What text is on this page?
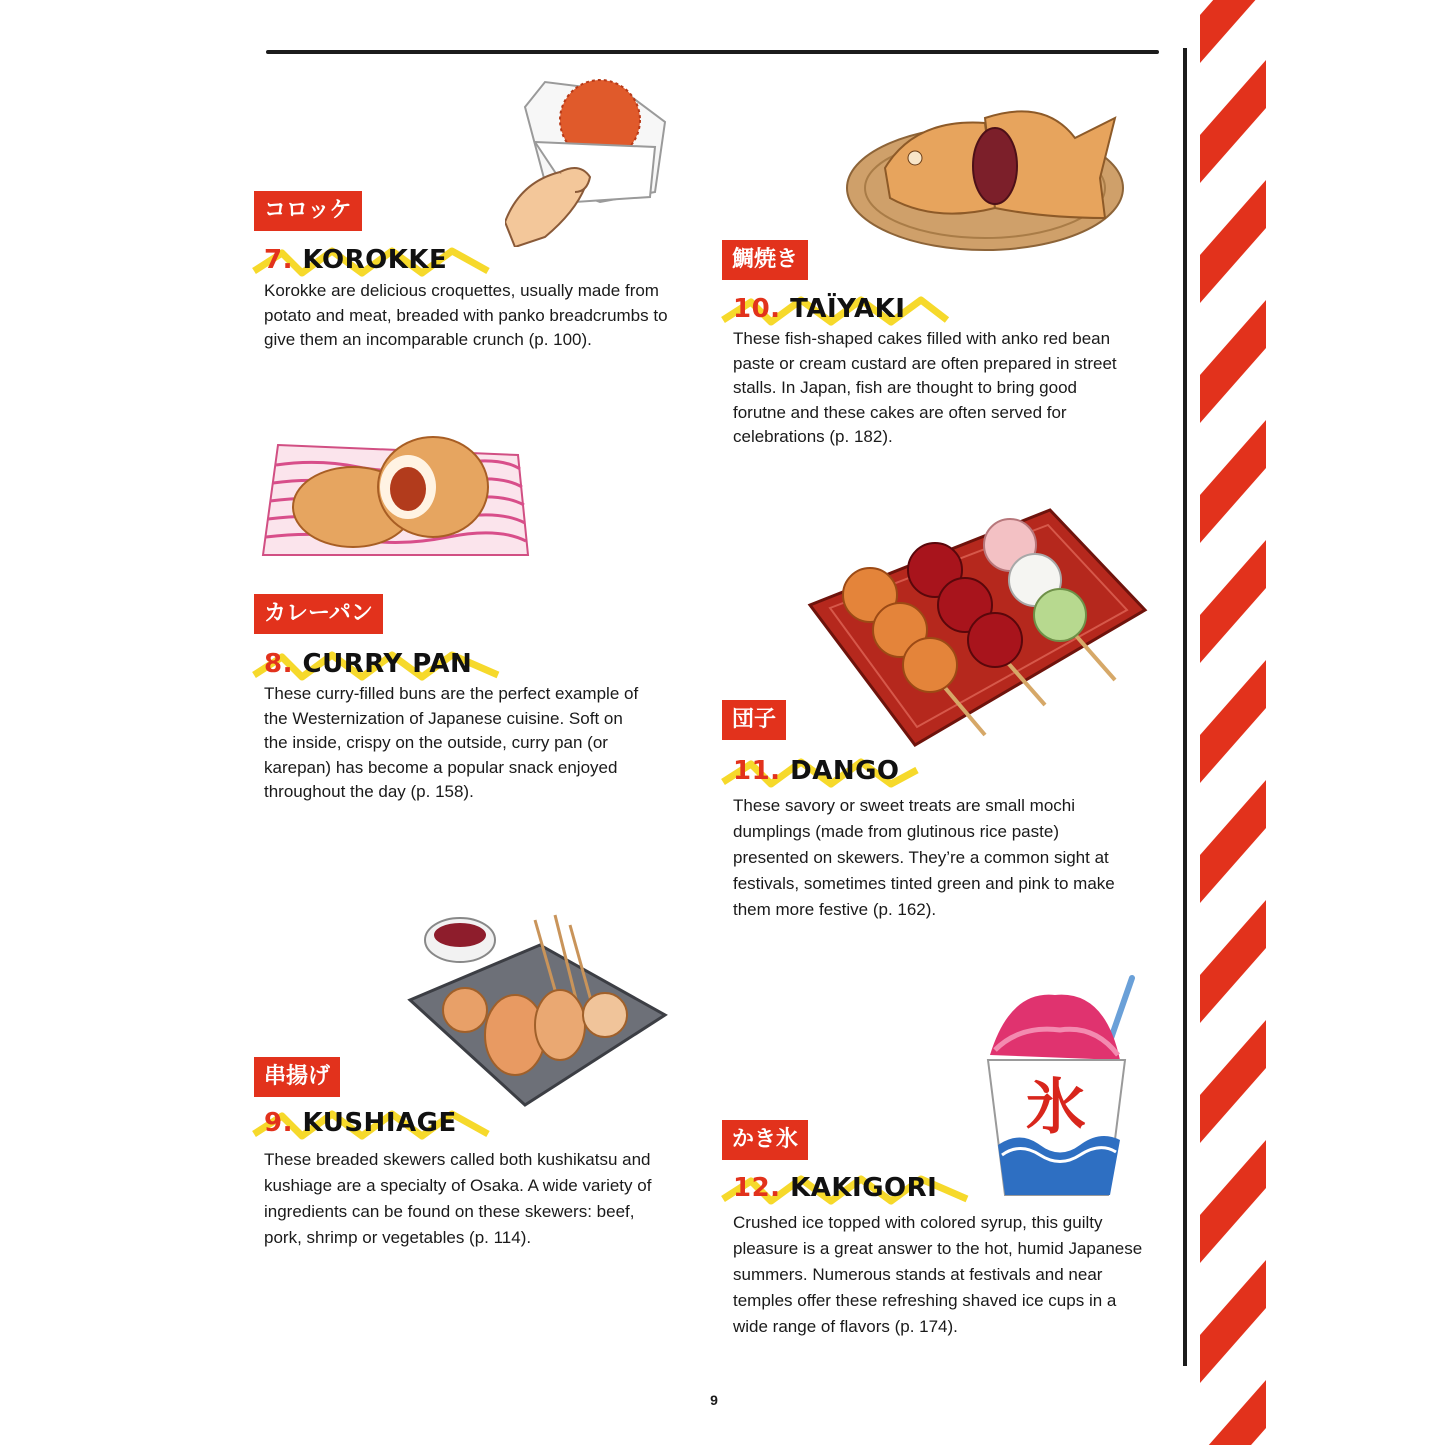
氷
コロッケ
7. KOROKKE

Korokke are delicious croquettes, usually made from potato and meat, breaded with panko breadcrumbs to give them an incomparable crunch (p. 100).

カレーパン
8. CURRY PAN

These curry-filled buns are the perfect example of the Westernization of Japanese cuisine. Soft on the inside, crispy on the outside, curry pan (or karepan) has become a popular snack enjoyed throughout the day (p. 158).

串揚げ
9. KUSHIAGE

These breaded skewers called both kushikatsu and kushiage are a specialty of Osaka. A wide variety of ingredients can be found on these skewers: beef, pork, shrimp or vegetables (p. 114).

鯛焼き
10. TAÏYAKI

These fish-shaped cakes filled with anko red bean paste or cream custard are often prepared in street stalls. In Japan, fish are thought to bring good forutne and these cakes are often served for celebrations (p. 182).

団子
11. DANGO

These savory or sweet treats are small mochi dumplings (made from glutinous rice paste) presented on skewers. They’re a common sight at festivals, sometimes tinted green and pink to make them more festive (p. 162).

かき氷
12. KAKIGORI

Crushed ice topped with colored syrup, this guilty pleasure is a great answer to the hot, humid Japanese summers. Numerous stands at festivals and near temples offer these refreshing shaved ice cups in a wide range of flavors (p. 174).

9
